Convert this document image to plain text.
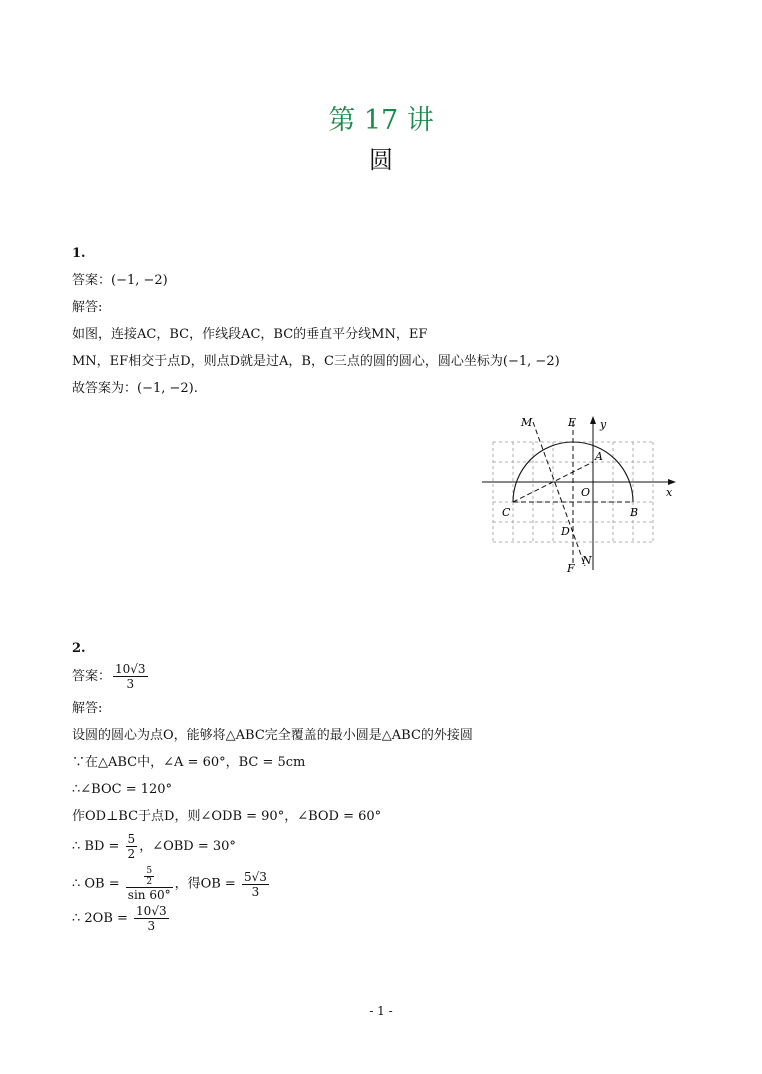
第 17 讲
圆
1.
答案：(−1, −2)
解答:
如图，连接AC，BC，作线段AC，BC的垂直平分线MN，EF
MN，EF相交于点D，则点D就是过A，B，C三点的圆的圆心，圆心坐标为(−1, −2)
故答案为：(−1, −2).
M	E y
A
O	x
C	B
D
F
N
2.
答案： $\frac{10√3}{3}$
解答:
设圆的圆心为点O，能够将△ABC完全覆盖的最小圆是△ABC的外接圆
∵在△ABC中，∠A = 60°，BC = 5cm
∴∠BOC = 120°
作OD⊥BC于点D，则∠ODB = 90°，∠BOD = 60°
∴ BD = $\frac{5}{2}$ ，∠OBD = 30°
∴ OB = $\frac{\frac{5}{2}}{\sin 60^\circ}$ ，得OB = $\frac{5√3}{3}$
∴ $2OB = \frac{10√3}{3}$
- 1 -
